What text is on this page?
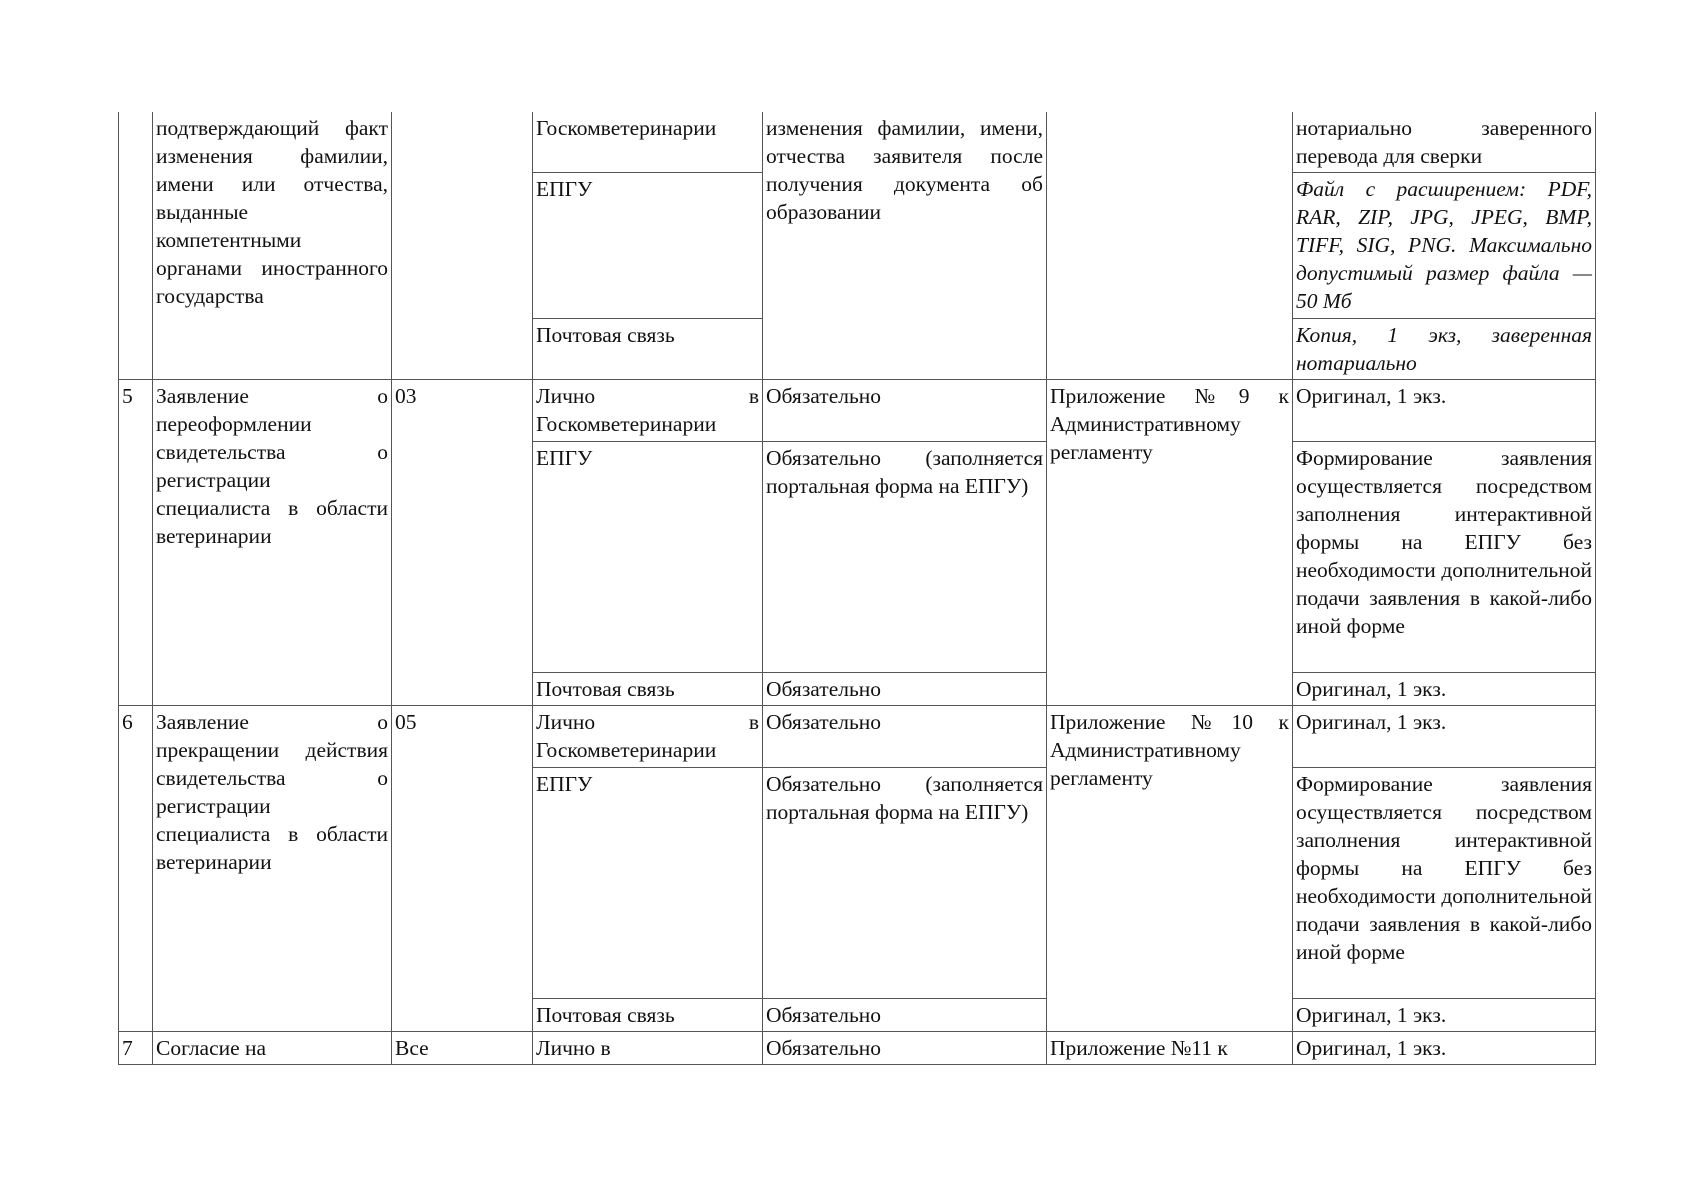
	подтверждающий факт изменения фамилии, имени или отчества, выданные компетентными органами иностранного государства		Госкомветеринарии	изменения фамилии, имени, отчества заявителя после получения документа об образовании		нотариально заверенного перевода для сверки
			ЕПГУ			Файл с расширением: PDF, RAR, ZIP, JPG, JPEG, BMP, TIFF, SIG, PNG. Максимально допустимый размер файла — 50 Мб
			Почтовая связь			Копия, 1 экз, заверенная нотариально
5	Заявление о переоформлении свидетельства о регистрации специалиста в области ветеринарии	03	Лично в Госкомветеринарии	Обязательно	Приложение №9 к Административному регламенту	Оригинал, 1 экз.
			ЕПГУ	Обязательно (заполняется портальная форма на ЕПГУ)		Формирование заявления осуществляется посредством заполнения интерактивной формы на ЕПГУ без необходимости дополнительной подачи заявления в какой-либо иной форме
			Почтовая связь	Обязательно		Оригинал, 1 экз.
6	Заявление о прекращении действия свидетельства о регистрации специалиста в области ветеринарии	05	Лично в Госкомветеринарии	Обязательно	Приложение №10 к Административному регламенту	Оригинал, 1 экз.
			ЕПГУ	Обязательно (заполняется портальная форма на ЕПГУ)		Формирование заявления осуществляется посредством заполнения интерактивной формы на ЕПГУ без необходимости дополнительной подачи заявления в какой-либо иной форме
			Почтовая связь	Обязательно		Оригинал, 1 экз.
7	Согласие на	Все	Лично в	Обязательно	Приложение №11 к	Оригинал, 1 экз.
